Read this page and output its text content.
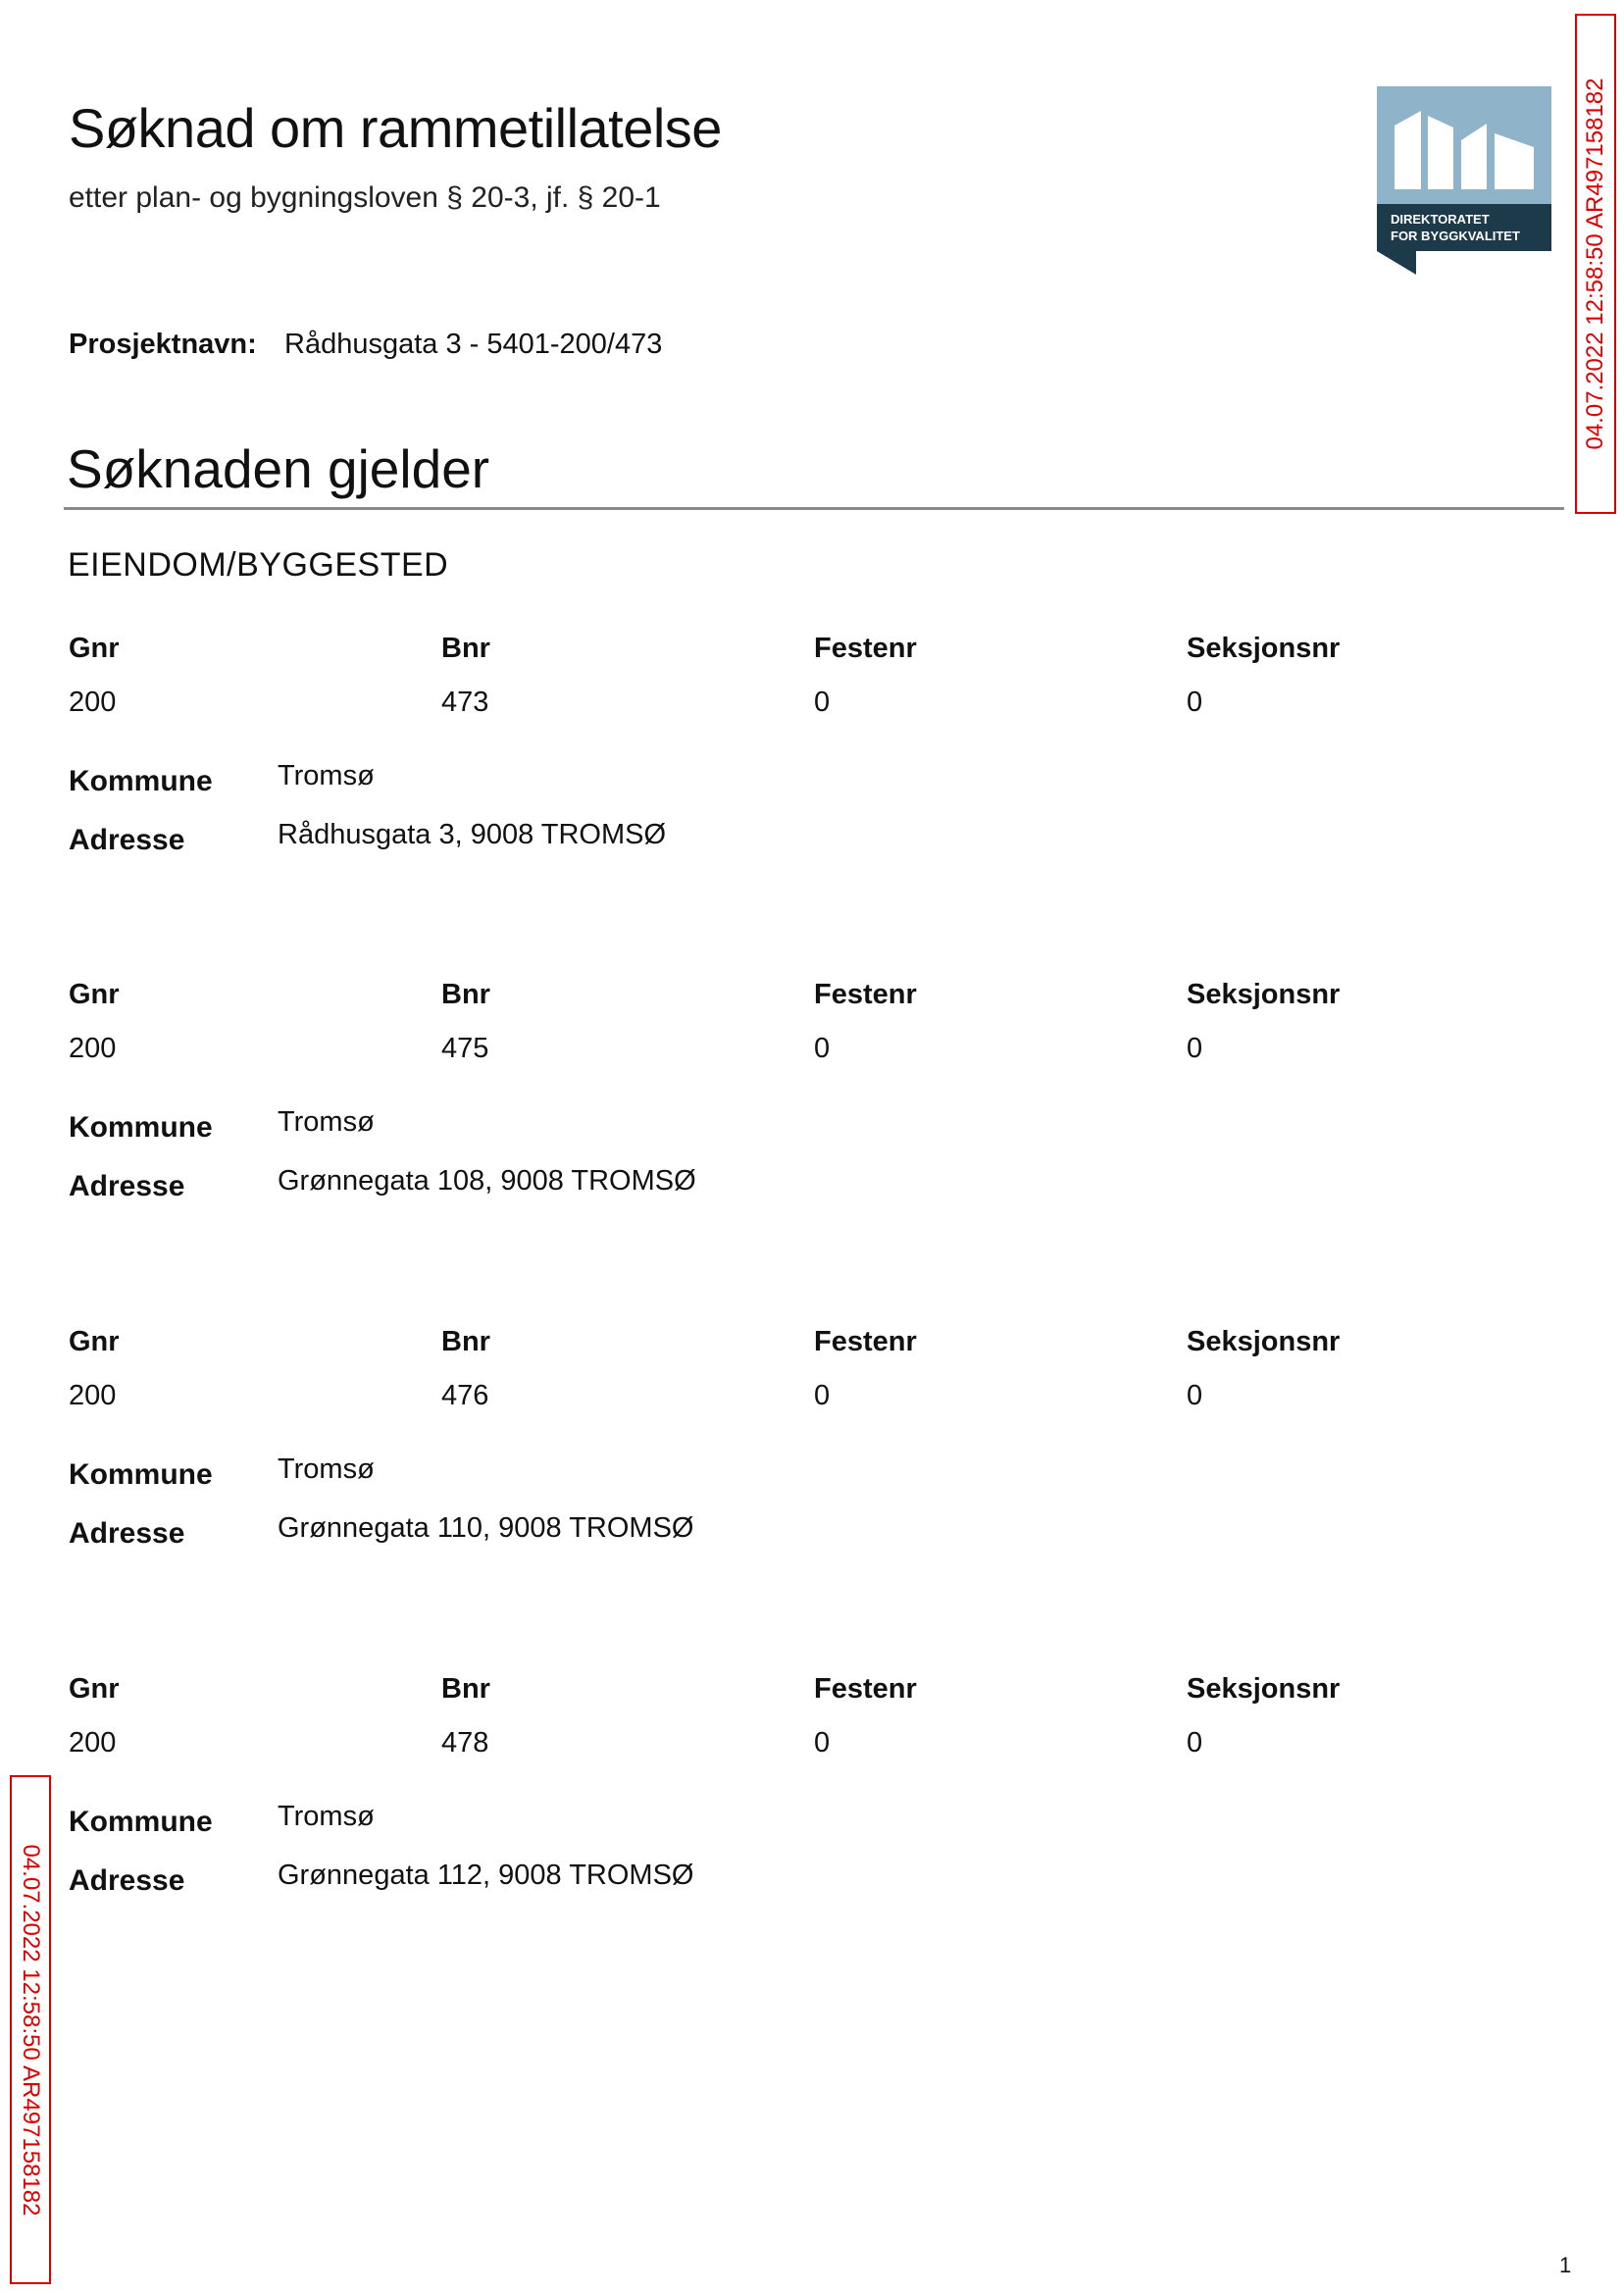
Søknad om rammetillatelse
etter plan- og bygningsloven § 20-3, jf. § 20-1
DIREKTORATET
FOR BYGGKVALITET	04.07.2022 12:58:50 AR497158182
Prosjektnavn: Rådhusgata 3 - 5401-200/473
Søknaden gjelder
EIENDOM/BYGGESTED
Gnr	Bnr	Festenr	Seksjonsnr
200	473	0	0
Kommune Tromsø
Adresse	Rådhusgata 3, 9008 TROMSØ
Gnr	Bnr	Festenr	Seksjonsnr
200	475	0	0
Kommune Tromsø
Adresse	Grønnegata 108, 9008 TROMSØ
Gnr	Bnr	Festenr	Seksjonsnr
200	476	0	0
Kommune Tromsø
Adresse	Grønnegata 110, 9008 TROMSØ
Gnr	Bnr	Festenr	Seksjonsnr
200	478	0	0
Kommune Tromsø
Adresse	Grønnegata 112, 9008 TROMSØ
04.07.2022 12:58:50 AR497158182
1
